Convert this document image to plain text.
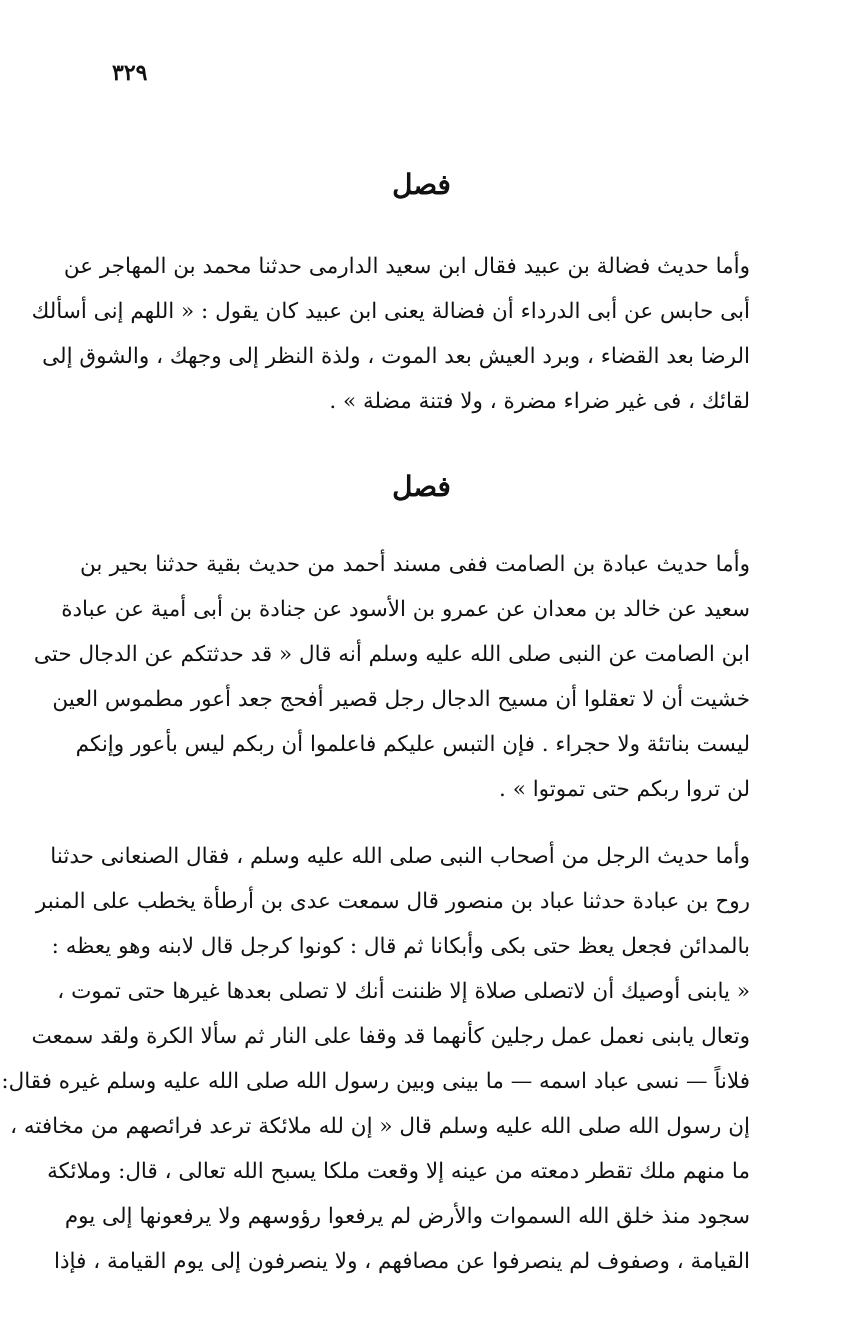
٣٢٩
فصل
وأما حديث فضالة بن عبيد فقال ابن سعيد الدارمى حدثنا محمد بن المهاجر عن
أبى حابس عن أبى الدرداء أن فضالة يعنى ابن عبيد كان يقول : « اللهم إنى أسألك
الرضا بعد القضاء ، وبرد العيش بعد الموت ، ولذة النظر إلى وجهك ، والشوق إلى
لقائك ، فى غير ضراء مضرة ، ولا فتنة مضلة » .
فصل
وأما حديث عبادة بن الصامت ففى مسند أحمد من حديث بقية حدثنا بحير بن
سعيد عن خالد بن معدان عن عمرو بن الأسود عن جنادة بن أبى أمية عن عبادة
ابن الصامت عن النبى صلى الله عليه وسلم أنه قال « قد حدثتكم عن الدجال حتى
خشيت أن لا تعقلوا أن مسيح الدجال رجل قصير أفحج جعد أعور مطموس العين
ليست بناتئة ولا حجراء . فإن التبس عليكم فاعلموا أن ربكم ليس بأعور وإنكم
لن تروا ربكم حتى تموتوا » .
وأما حديث الرجل من أصحاب النبى صلى الله عليه وسلم ، فقال الصنعانى حدثنا
روح بن عبادة حدثنا عباد بن منصور قال سمعت عدى بن أرطأة يخطب على المنبر
بالمدائن فجعل يعظ حتى بكى وأبكانا ثم قال : كونوا كرجل قال لابنه وهو يعظه :
« يابنى أوصيك أن لاتصلى صلاة إلا ظننت أنك لا تصلى بعدها غيرها حتى تموت ،
وتعال يابنى نعمل عمل رجلين كأنهما قد وقفا على النار ثم سألا الكرة ولقد سمعت
فلاناً — نسى عباد اسمه — ما بينى وبين رسول الله صلى الله عليه وسلم غيره فقال:
إن رسول الله صلى الله عليه وسلم قال « إن لله ملائكة ترعد فرائصهم من مخافته ،
ما منهم ملك تقطر دمعته من عينه إلا وقعت ملكا يسبح الله تعالى ، قال: وملائكة
سجود منذ خلق الله السموات والأرض لم يرفعوا رؤوسهم ولا يرفعونها إلى يوم
القيامة ، وصفوف لم ينصرفوا عن مصافهم ، ولا ينصرفون إلى يوم القيامة ، فإذا
